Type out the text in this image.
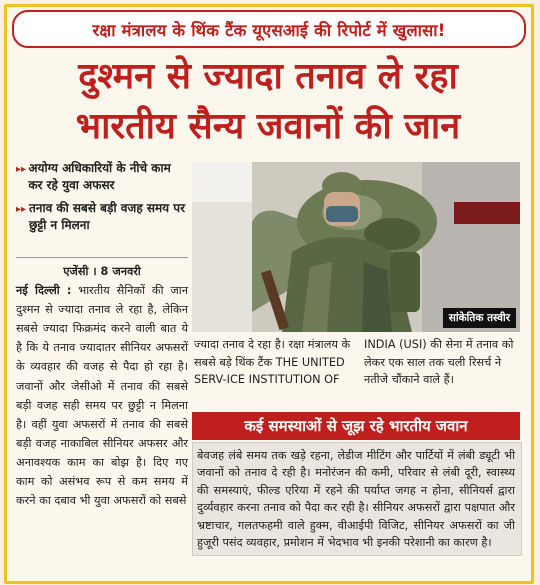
रक्षा मंत्रालय के थिंक टैंक यूएसआई की रिपोर्ट में खुलासा!
दुश्मन से ज्यादा तनाव ले रहा
भारतीय सैन्य जवानों की जान
▸▸ अयोग्य अधिकारियों के नीचे काम कर रहे युवा अफसर
▸▸ तनाव की सबसे बड़ी वजह समय पर छुट्टी न मिलना
एजेंसी । 8 जनवरी
नई दिल्ली : भारतीय सैनिकों की जान दुश्मन से ज्यादा तनाव ले रहा है, लेकिन सबसे ज्यादा फिक्रमंद करने वाली बात ये है कि ये तनाव ज्यादातर सीनियर अफसरों के व्यवहार की वजह से पैदा हो रहा है। जवानों और जेसीओ में तनाव की सबसे बड़ी वजह सही समय पर छुट्टी न मिलना है। वहीं युवा अफसरों में तनाव की सबसे बड़ी वजह नाकाबिल सीनियर अफसर और अनावश्यक काम का बोझ है। दिए गए काम को असंभव रूप से कम समय में करने का दबाव भी युवा अफसरों को सबसे
सांकेतिक तस्वीर
ज्यादा तनाव दे रहा है। रक्षा मंत्रालय के सबसे बड़े थिंक टैंक THE UNITED SERV-ICE INSTITUTION OF
INDIA (USI) की सेना में तनाव को लेकर एक साल तक चली रिसर्च ने नतीजे चौंकाने वाले हैं।
कई समस्याओं से जूझ रहे भारतीय जवान
बेवजह लंबे समय तक खड़े रहना, लेडीज मीटिंग और पार्टियों में लंबी ड्यूटी भी जवानों को तनाव दे रही है। मनोरंजन की कमी, परिवार से लंबी दूरी, स्वास्थ्य की समस्याएं, फील्ड एरिया में रहने की पर्याप्त जगह न होना, सीनियर्स द्वारा दुर्व्यवहार करना तनाव को पैदा कर रही है। सीनियर अफसरों द्वारा पक्षपात और भ्रष्टाचार, गलतफहमी वाले हुक्म, वीआईपी विजिट, सीनियर अफसरों का जी हुजूरी पसंद व्यवहार, प्रमोशन में भेदभाव भी इनकी परेशानी का कारण है।
